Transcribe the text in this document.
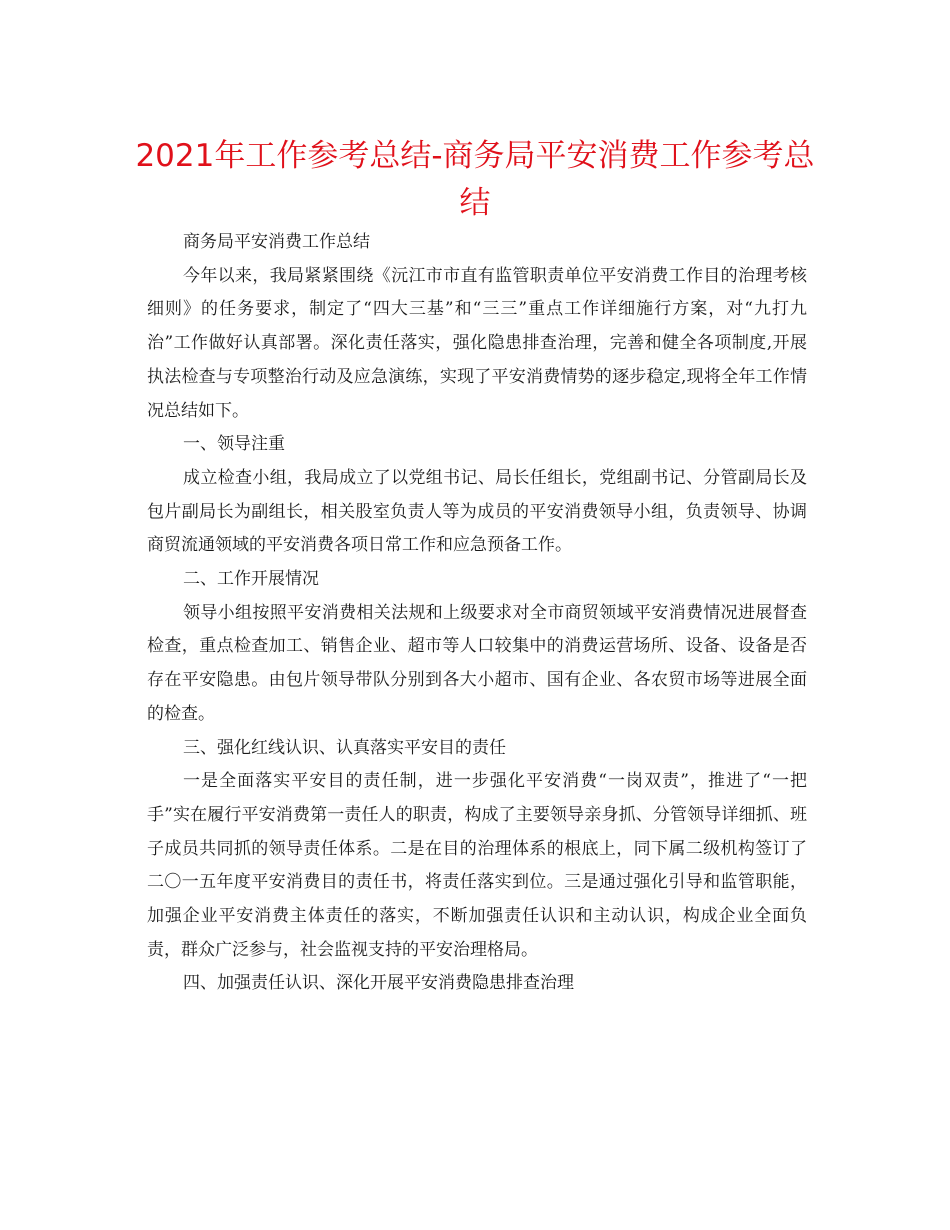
2021年工作参考总结-商务局平安消费工作参考总结

商务局平安消费工作总结

今年以来，我局紧紧围绕《沅江市市直有监管职责单位平安消费工作目的治理考核细则》的任务要求，制定了“四大三基”和“三三”重点工作详细施行方案，对“九打九治”工作做好认真部署。深化责任落实，强化隐患排查治理，完善和健全各项制度,开展执法检查与专项整治行动及应急演练，实现了平安消费情势的逐步稳定,现将全年工作情况总结如下。

一、领导注重

成立检查小组，我局成立了以党组书记、局长任组长，党组副书记、分管副局长及包片副局长为副组长，相关股室负责人等为成员的平安消费领导小组，负责领导、协调商贸流通领域的平安消费各项日常工作和应急预备工作。

二、工作开展情况

领导小组按照平安消费相关法规和上级要求对全市商贸领域平安消费情况进展督查检查，重点检查加工、销售企业、超市等人口较集中的消费运营场所、设备、设备是否存在平安隐患。由包片领导带队分别到各大小超市、国有企业、各农贸市场等进展全面的检查。

三、强化红线认识、认真落实平安目的责任

一是全面落实平安目的责任制，进一步强化平安消费“一岗双责”，推进了“一把手”实在履行平安消费第一责任人的职责，构成了主要领导亲身抓、分管领导详细抓、班子成员共同抓的领导责任体系。二是在目的治理体系的根底上，同下属二级机构签订了二〇一五年度平安消费目的责任书，将责任落实到位。三是通过强化引导和监管职能，加强企业平安消费主体责任的落实，不断加强责任认识和主动认识，构成企业全面负责，群众广泛参与，社会监视支持的平安治理格局。

四、加强责任认识、深化开展平安消费隐患排查治理
